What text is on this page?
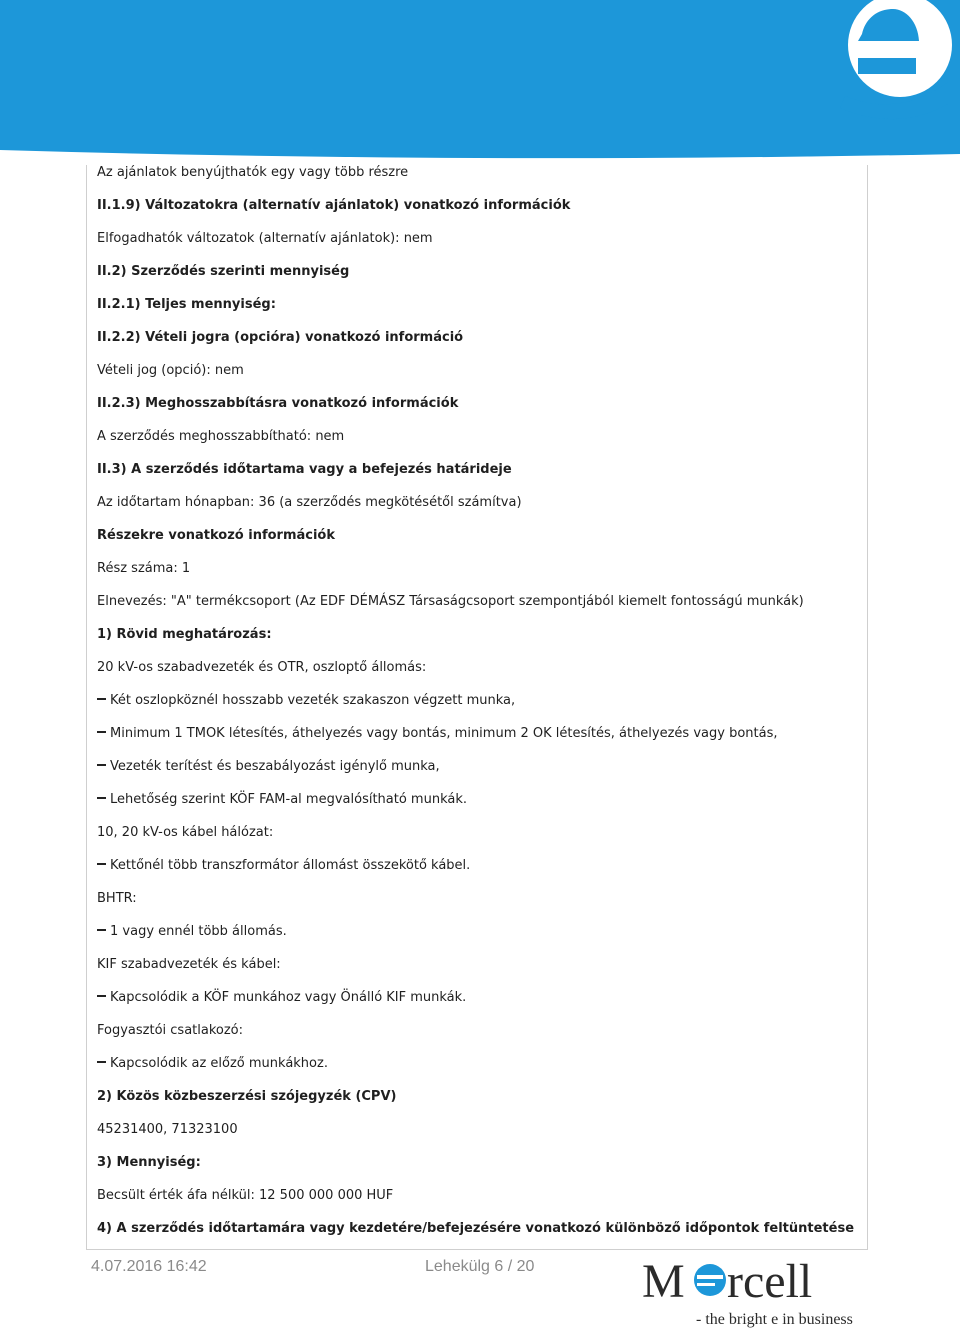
Az ajánlatok benyújthatók egy vagy több részre
II.1.9) Változatokra (alternatív ajánlatok) vonatkozó információk
Elfogadhatók változatok (alternatív ajánlatok): nem
II.2) Szerződés szerinti mennyiség
II.2.1) Teljes mennyiség:
II.2.2) Vételi jogra (opcióra) vonatkozó információ
Vételi jog (opció): nem
II.2.3) Meghosszabbításra vonatkozó információk
A szerződés meghosszabbítható: nem
II.3) A szerződés időtartama vagy a befejezés határideje
Az időtartam hónapban: 36 (a szerződés megkötésétől számítva)
Részekre vonatkozó információk
Rész száma: 1
Elnevezés: "A" termékcsoport (Az EDF DÉMÁSZ Társaságcsoport szempontjából kiemelt fontosságú munkák)
1) Rövid meghatározás:
20 kV-os szabadvezeték és OTR, oszloptő állomás:
Két oszlopköznél hosszabb vezeték szakaszon végzett munka,
Minimum 1 TMOK létesítés, áthelyezés vagy bontás, minimum 2 OK létesítés, áthelyezés vagy bontás,
Vezeték terítést és beszabályozást igénylő munka,
Lehetőség szerint KÖF FAM-al megvalósítható munkák.
10, 20 kV-os kábel hálózat:
Kettőnél több transzformátor állomást összekötő kábel.
BHTR:
1 vagy ennél több állomás.
KIF szabadvezeték és kábel:
Kapcsolódik a KÖF munkához vagy Önálló KIF munkák.
Fogyasztói csatlakozó:
Kapcsolódik az előző munkákhoz.
2) Közös közbeszerzési szójegyzék (CPV)
45231400, 71323100
3) Mennyiség:
Becsült érték áfa nélkül: 12 500 000 000 HUF
4) A szerződés időtartamára vagy kezdetére/befejezésére vonatkozó különböző időpontok feltüntetése
4.07.2016 16:42	Lehekülg 6 / 20 M rcell
- the bright e in business
